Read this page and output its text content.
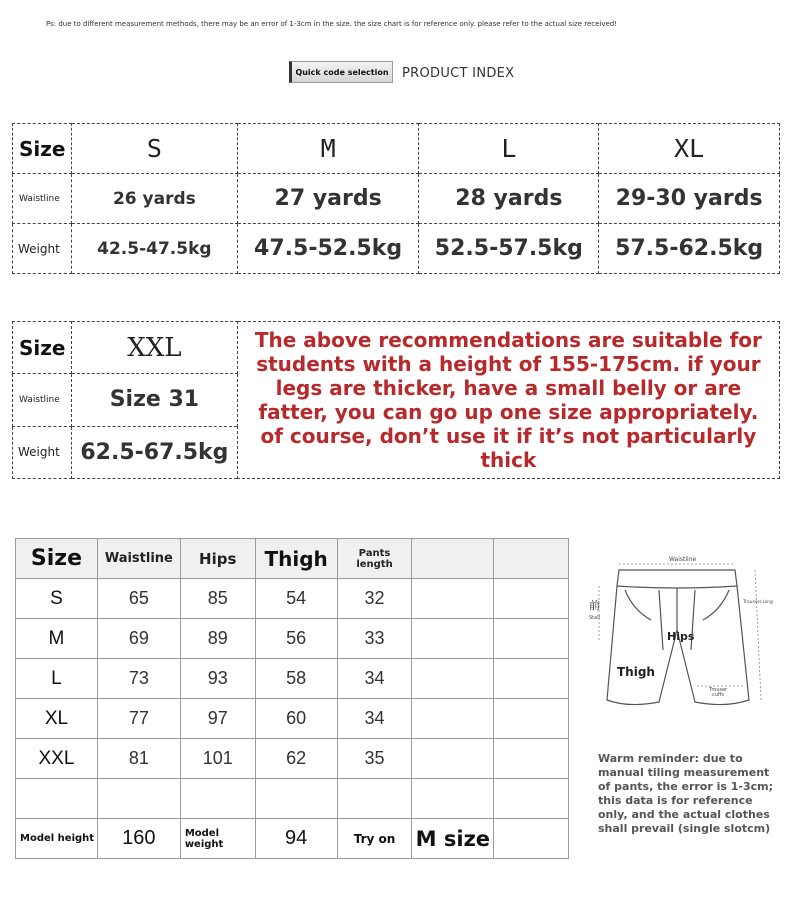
Ps: due to different measurement methods, there may be an error of 1-3cm in the size. the size chart is for reference only. please refer to the actual size received!
Quick code selection	PRODUCT INDEX
Size	S	M	L	XL
Waistline	26 yards	27 yards	28 yards	29-30 yards
Weight	42.5-47.5kg	47.5-52.5kg	52.5-57.5kg	57.5-62.5kg
Size	XXL	The above recommendations are suitable for students with a height of 155-175cm. if your legs are thicker, have a small belly or are fatter, you can go up one size appropriately. of course, don’t use it if it’s not particularly thick
Waistline	Size 31	
Weight	62.5-67.5kg	
Size	Waistline	Hips	Thigh	Pants
length		
S	65	85	54	32		
M	69	89	56	33		
L	73	93	58	34		
XL	77	97	60	34		
XXL	81	101	62	35		

Model height	160	Model weight	94	Try on	M size	
Waistline
Trousers long
前
Stall
Hips
Thigh
Trouser
cuffs
Warm reminder: due to manual tiling measurement of pants, the error is 1-3cm; this data is for reference only, and the actual clothes shall prevail (single slotcm)
